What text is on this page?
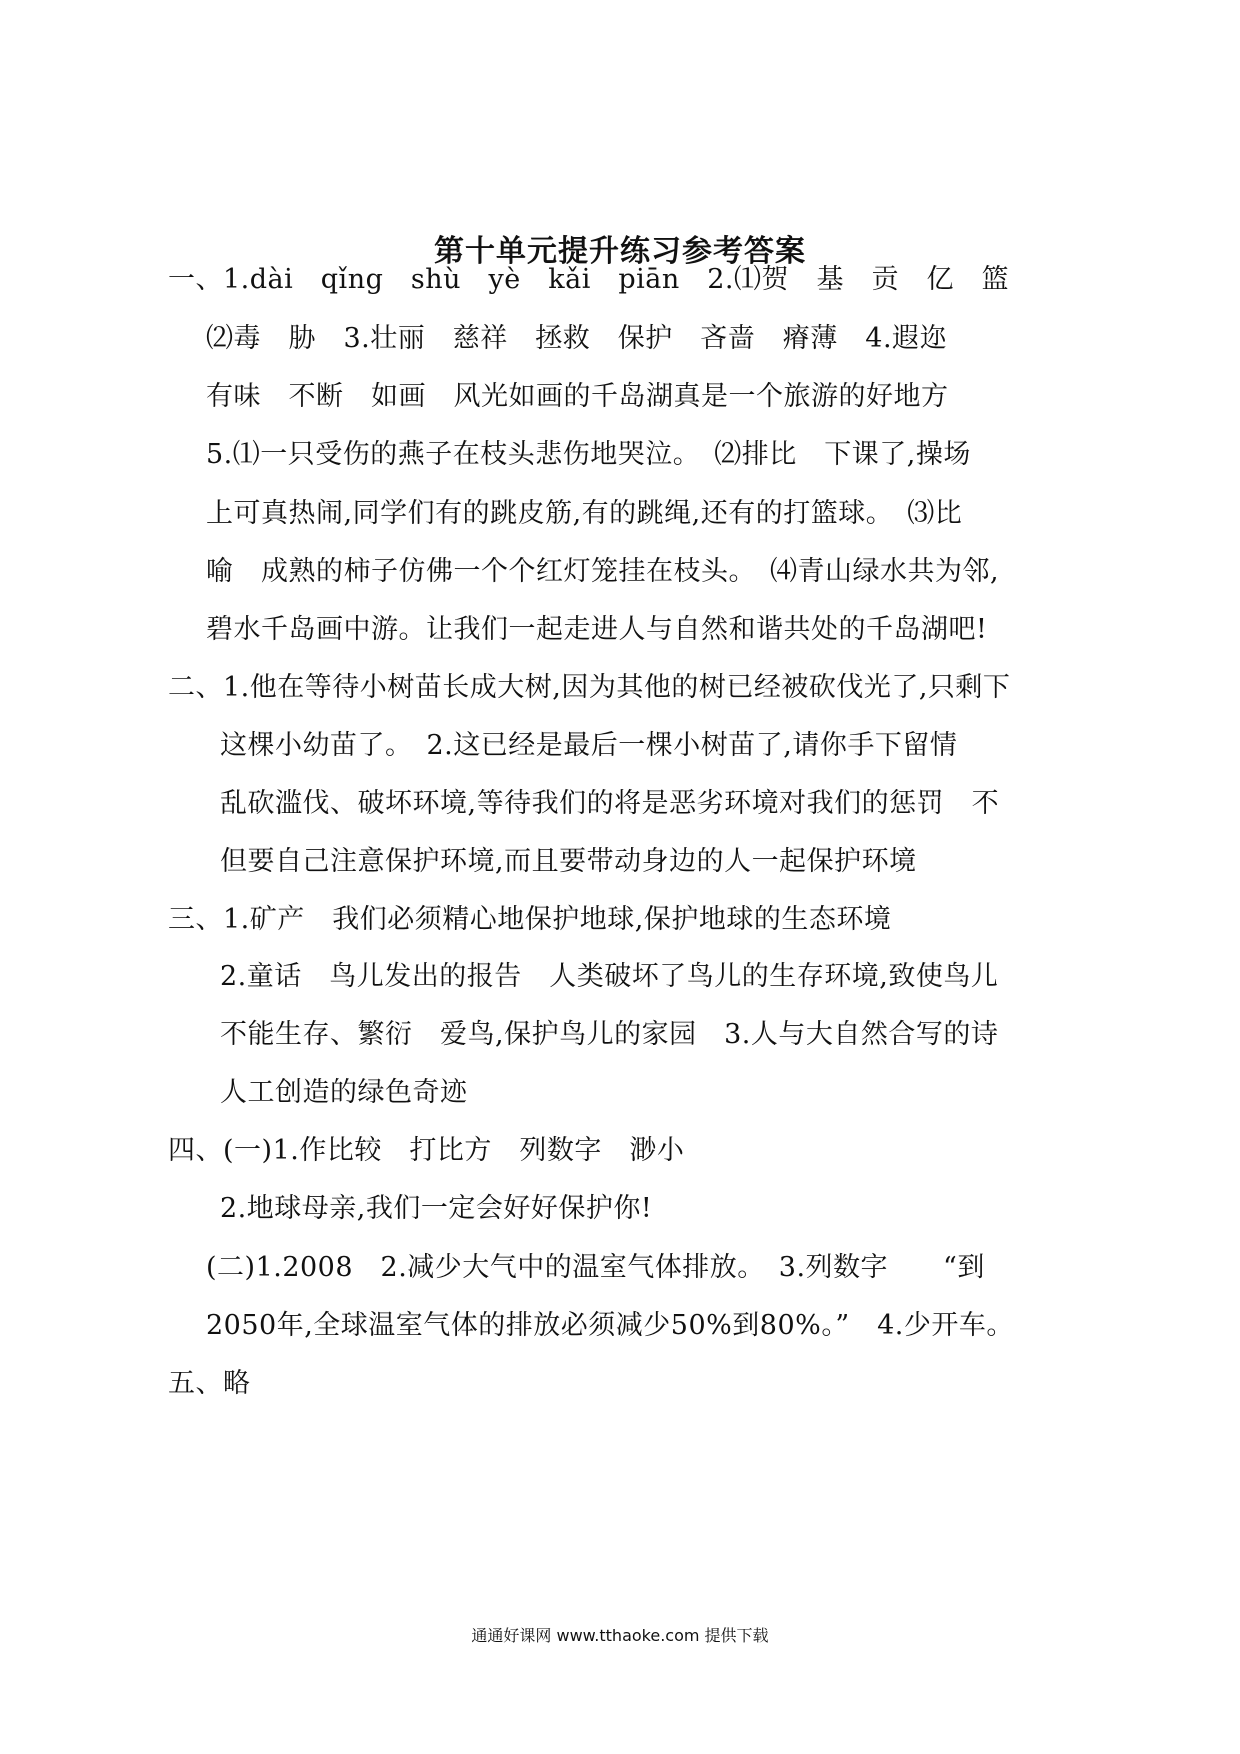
第十单元提升练习参考答案
一、1.dài　qǐng　shù　yè　kǎi　piān　2.⑴贺　基　贡　亿　篮
⑵毒　胁　3.壮丽　慈祥　拯救　保护　吝啬　瘠薄　4.遐迩
有味　不断　如画　风光如画的千岛湖真是一个旅游的好地方
5.⑴一只受伤的燕子在枝头悲伤地哭泣。　⑵排比　下课了,操场
上可真热闹,同学们有的跳皮筋,有的跳绳,还有的打篮球。　⑶比
喻　成熟的柿子仿佛一个个红灯笼挂在枝头。　⑷青山绿水共为邻,
碧水千岛画中游。让我们一起走进人与自然和谐共处的千岛湖吧!
二、1.他在等待小树苗长成大树,因为其他的树已经被砍伐光了,只剩下
这棵小幼苗了。　2.这已经是最后一棵小树苗了,请你手下留情
乱砍滥伐、破坏环境,等待我们的将是恶劣环境对我们的惩罚　不
但要自己注意保护环境,而且要带动身边的人一起保护环境
三、1.矿产　我们必须精心地保护地球,保护地球的生态环境
2.童话　鸟儿发出的报告　人类破坏了鸟儿的生存环境,致使鸟儿
不能生存、繁衍　爱鸟,保护鸟儿的家园　3.人与大自然合写的诗
人工创造的绿色奇迹
四、(一)1.作比较　打比方　列数字　渺小
2.地球母亲,我们一定会好好保护你!
(二)1.2008　2.减少大气中的温室气体排放。　3.列数字　　“到
2050年,全球温室气体的排放必须减少50%到80%。”　4.少开车。
五、略
通通好课网 www.tthaoke.com 提供下载
